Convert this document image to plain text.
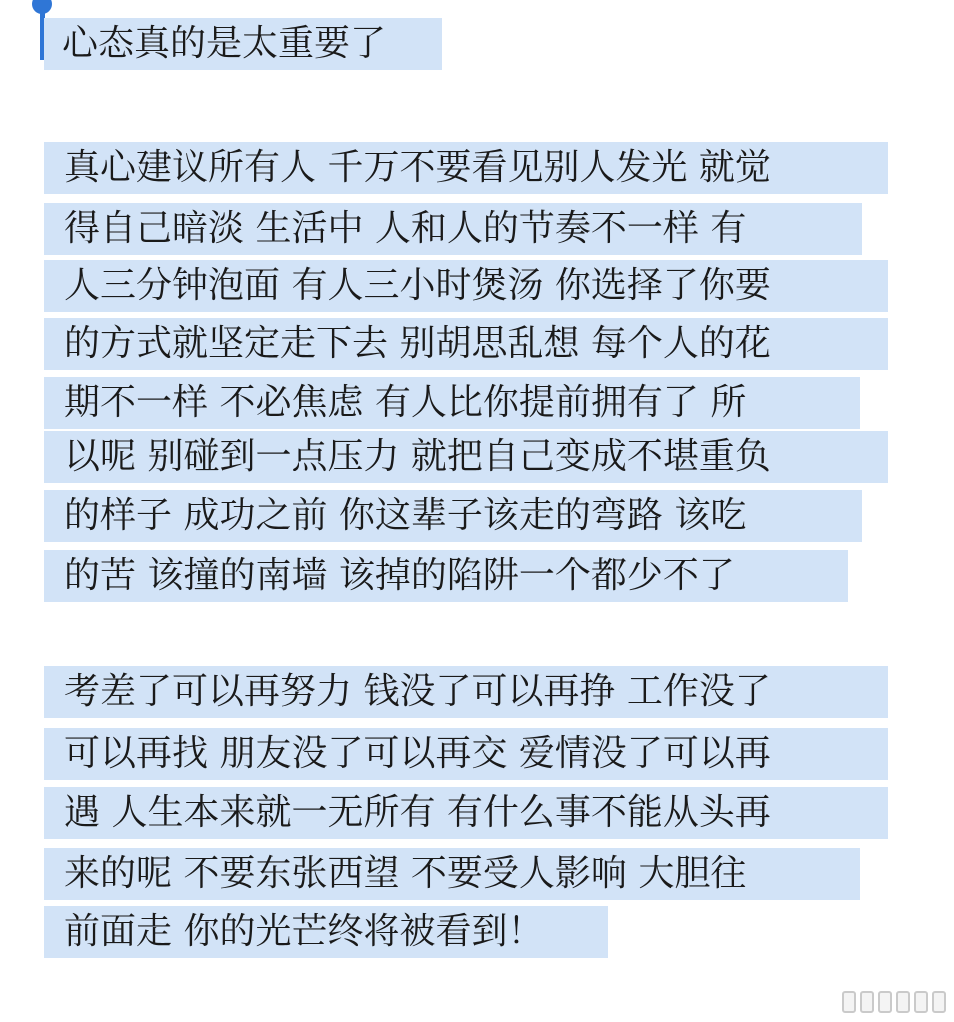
心态真的是太重要了
真心建议所有人 千万不要看见别人发光 就觉
得自己暗淡 生活中 人和人的节奏不一样 有
人三分钟泡面 有人三小时煲汤 你选择了你要
的方式就坚定走下去 别胡思乱想 每个人的花
期不一样 不必焦虑 有人比你提前拥有了 所
以呢 别碰到一点压力 就把自己变成不堪重负
的样子 成功之前 你这辈子该走的弯路 该吃
的苦 该撞的南墙 该掉的陷阱一个都少不了
考差了可以再努力 钱没了可以再挣 工作没了
可以再找 朋友没了可以再交 爱情没了可以再
遇 人生本来就一无所有 有什么事不能从头再
来的呢 不要东张西望 不要受人影响 大胆往
前面走 你的光芒终将被看到！
